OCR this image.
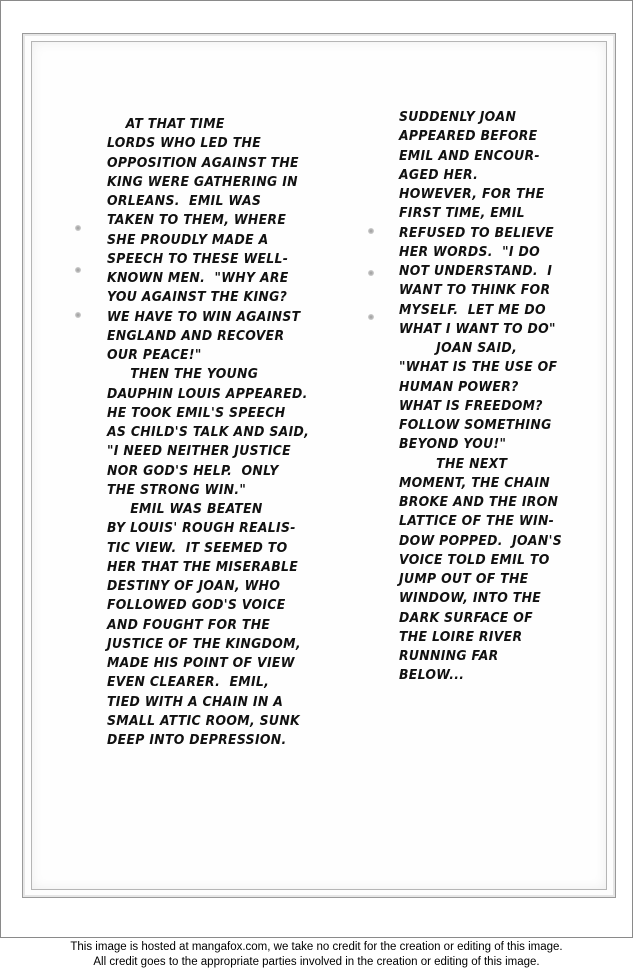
AT THAT TIME
LORDS WHO LED THE
OPPOSITION AGAINST THE
KING WERE GATHERING IN
ORLEANS.  EMIL WAS
TAKEN TO THEM, WHERE
SHE PROUDLY MADE A
SPEECH TO THESE WELL-
KNOWN MEN.  "WHY ARE
YOU AGAINST THE KING?
WE HAVE TO WIN AGAINST
ENGLAND AND RECOVER
OUR PEACE!"
THEN THE YOUNG
DAUPHIN LOUIS APPEARED.
HE TOOK EMIL'S SPEECH
AS CHILD'S TALK AND SAID,
"I NEED NEITHER JUSTICE
NOR GOD'S HELP.  ONLY
THE STRONG WIN."
EMIL WAS BEATEN
BY LOUIS' ROUGH REALIS-
TIC VIEW.  IT SEEMED TO
HER THAT THE MISERABLE
DESTINY OF JOAN, WHO
FOLLOWED GOD'S VOICE
AND FOUGHT FOR THE
JUSTICE OF THE KINGDOM,
MADE HIS POINT OF VIEW
EVEN CLEARER.  EMIL,
TIED WITH A CHAIN IN A
SMALL ATTIC ROOM, SUNK
DEEP INTO DEPRESSION.
SUDDENLY JOAN
APPEARED BEFORE
EMIL AND ENCOUR-
AGED HER.
HOWEVER, FOR THE
FIRST TIME, EMIL
REFUSED TO BELIEVE
HER WORDS.  "I DO
NOT UNDERSTAND.  I
WANT TO THINK FOR
MYSELF.  LET ME DO
WHAT I WANT TO DO"
JOAN SAID,
"WHAT IS THE USE OF
HUMAN POWER?
WHAT IS FREEDOM?
FOLLOW SOMETHING
BEYOND YOU!"
THE NEXT
MOMENT, THE CHAIN
BROKE AND THE IRON
LATTICE OF THE WIN-
DOW POPPED.  JOAN'S
VOICE TOLD EMIL TO
JUMP OUT OF THE
WINDOW, INTO THE
DARK SURFACE OF
THE LOIRE RIVER
RUNNING FAR
BELOW...
This image is hosted at mangafox.com, we take no credit for the creation or editing of this image.
All credit goes to the appropriate parties involved in the creation or editing of this image.
